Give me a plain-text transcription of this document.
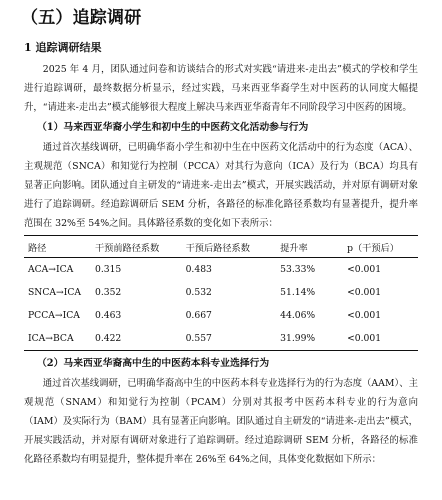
（五）追踪调研
1 追踪调研结果

2025 年 4 月，团队通过问卷和访谈结合的形式对实践“请进来-走出去”模式的学校和学生进行追踪调研，最终数据分析显示，经过实践，马来西亚华裔学生对中医药的认同度大幅提升，“请进来-走出去”模式能够很大程度上解决马来西亚华裔青年不同阶段学习中医药的困境。

（1）马来西亚华裔小学生和初中生的中医药文化活动参与行为

通过首次基线调研，已明确华裔小学生和初中生在中医药文化活动中的行为态度（ACA）、主观规范（SNCA）和知觉行为控制（PCCA）对其行为意向（ICA）及行为（BCA）均具有显著正向影响。团队通过自主研发的“请进来-走出去”模式，开展实践活动，并对原有调研对象进行了追踪调研。经追踪调研后 SEM 分析，各路径的标准化路径系数均有显著提升，提升率范围在 32%至 54%之间。具体路径系数的变化如下表所示：

路径	干预前路径系数	干预后路径系数	提升率	p（干预后）
ACA→ICA	0.315	0.483	53.33%	<0.001
SNCA→ICA	0.352	0.532	51.14%	<0.001
PCCA→ICA	0.463	0.667	44.06%	<0.001
ICA→BCA	0.422	0.557	31.99%	<0.001
（2）马来西亚华裔高中生的中医药本科专业选择行为

通过首次基线调研，已明确华裔高中生的中医药本科专业选择行为的行为态度（AAM）、主观规范（SNAM）和知觉行为控制（PCAM）分别对其报考中医药本科专业的行为意向（IAM）及实际行为（BAM）具有显著正向影响。团队通过自主研发的“请进来-走出去”模式，开展实践活动，并对原有调研对象进行了追踪调研。经过追踪调研 SEM 分析，各路径的标准化路径系数均有明显提升，整体提升率在 26%至 64%之间，具体变化数据如下所示：
